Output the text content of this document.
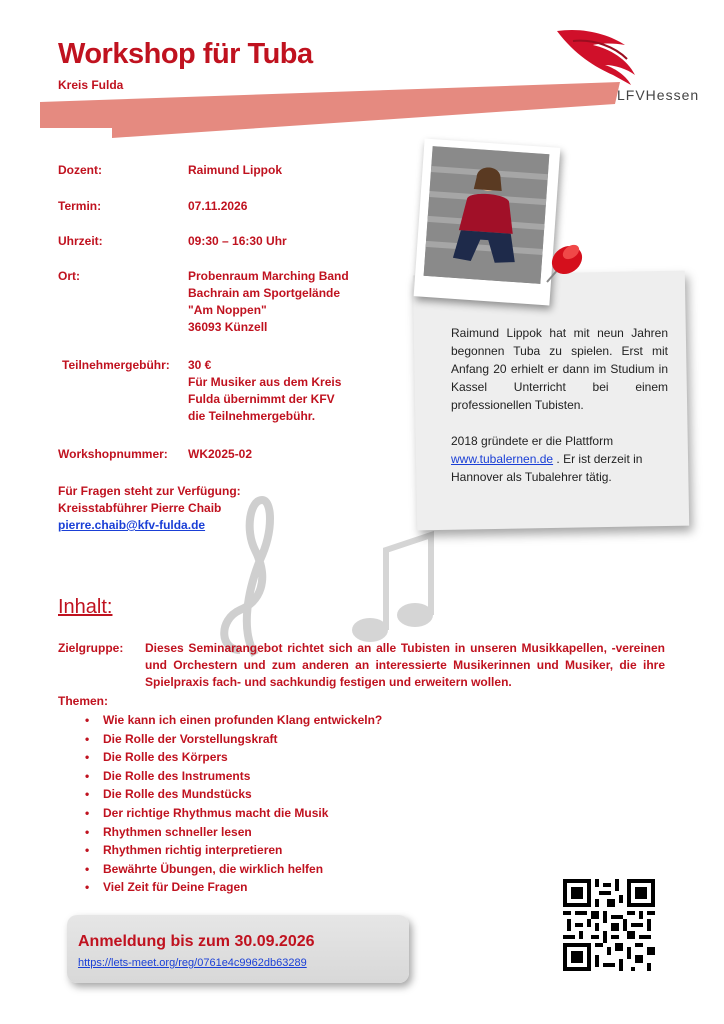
Workshop für Tuba
Kreis Fulda
LFVHessen
Dozent:	Raimund Lippok
Termin:	07.11.2026
Uhrzeit:	09:30 – 16:30 Uhr
Ort:	Probenraum Marching Band
Bachrain am Sportgelände
"Am Noppen"
36093 Künzell
Teilnehmergebühr: 30 €
Für Musiker aus dem Kreis
Fulda übernimmt der KFV
die Teilnehmergebühr.
Workshopnummer: WK2025-02
Für Fragen steht zur Verfügung:
Kreisstabführer Pierre Chaib
pierre.chaib@kfv-fulda.de

Raimund Lippok hat mit neun Jahren begonnen Tuba zu spielen. Erst mit Anfang 20 erhielt er dann im Studium in Kassel Unterricht bei einem professionellen Tubisten.

2018 gründete er die Plattform www.tubalernen.de . Er ist derzeit in Hannover als Tubalehrer tätig.

Inhalt:
Zielgruppe: Dieses Seminarangebot richtet sich an alle Tubisten in unseren Musikkapellen, -vereinen und Orchestern und zum anderen an interessierte Musikerinnen und Musiker, die ihre Spielpraxis fach- und sachkundig festigen und erweitern wollen.
Themen:
• Wie kann ich einen profunden Klang entwickeln?
• Die Rolle der Vorstellungskraft
• Die Rolle des Körpers
• Die Rolle des Instruments
• Die Rolle des Mundstücks
• Der richtige Rhythmus macht die Musik
• Rhythmen schneller lesen
• Rhythmen richtig interpretieren
• Bewährte Übungen, die wirklich helfen
• Viel Zeit für Deine Fragen
Anmeldung bis zum 30.09.2026
https://lets-meet.org/reg/0761e4c9962db63289
